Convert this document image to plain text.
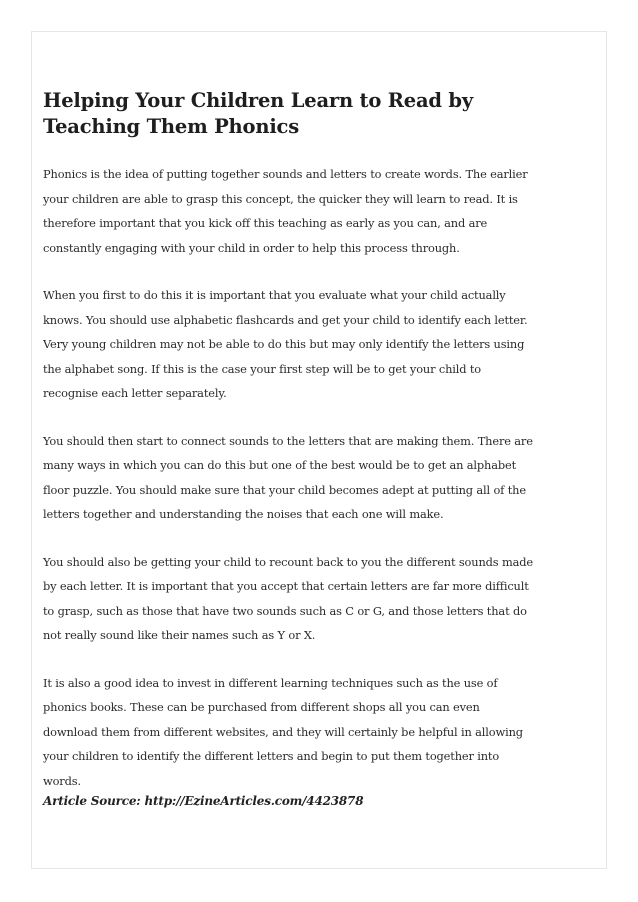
Helping Your Children Learn to Read by Teaching Them Phonics

Phonics is the idea of putting together sounds and letters to create words. The earlier your children are able to grasp this concept, the quicker they will learn to read. It is therefore important that you kick off this teaching as early as you can, and are constantly engaging with your child in order to help this process through.

When you first to do this it is important that you evaluate what your child actually knows. You should use alphabetic flashcards and get your child to identify each letter. Very young children may not be able to do this but may only identify the letters using the alphabet song. If this is the case your first step will be to get your child to recognise each letter separately.

You should then start to connect sounds to the letters that are making them. There are many ways in which you can do this but one of the best would be to get an alphabet floor puzzle. You should make sure that your child becomes adept at putting all of the letters together and understanding the noises that each one will make.

You should also be getting your child to recount back to you the different sounds made by each letter. It is important that you accept that certain letters are far more difficult to grasp, such as those that have two sounds such as C or G, and those letters that do not really sound like their names such as Y or X.

It is also a good idea to invest in different learning techniques such as the use of phonics books. These can be purchased from different shops all you can even download them from different websites, and they will certainly be helpful in allowing your children to identify the different letters and begin to put them together into words.

Article Source: http://EzineArticles.com/4423878
